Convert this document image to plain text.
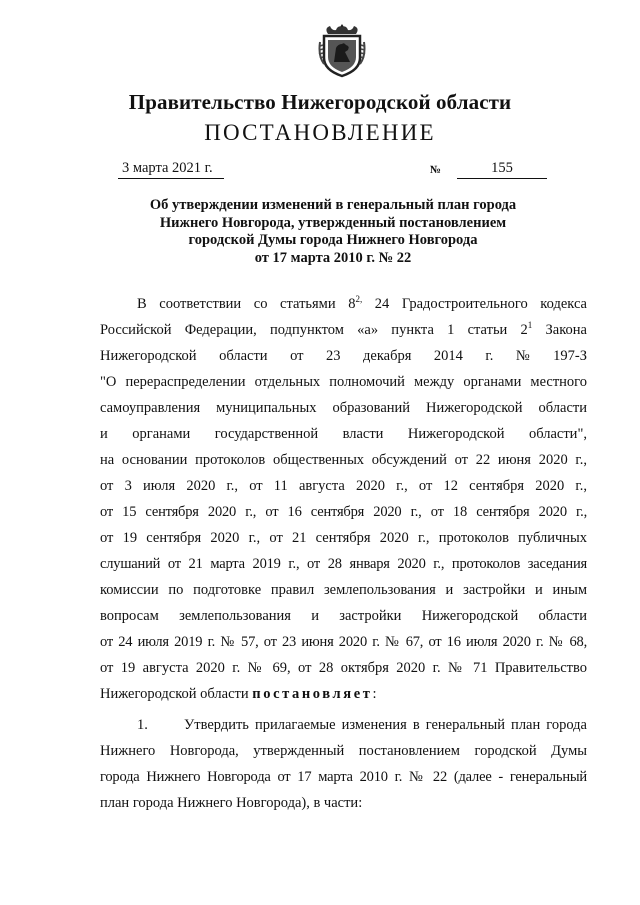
Правительство Нижегородской области
ПОСТАНОВЛЕНИЕ
3 марта 2021 г.	№	155
Об утверждении изменений в генеральный план города
Нижнего Новгорода, утвержденный постановлением
городской Думы города Нижнего Новгорода
от 17 марта 2010 г. № 22
В соответствии со статьями $8^{2,}$ 24 Градостроительного кодекса
Российской Федерации, подпунктом «а» пункта 1 статьи $2^1$ Закона
Нижегородской области от 23 декабря 2014 г. № 197-З
"О перераспределении отдельных полномочий между органами местного
самоуправления муниципальных образований Нижегородской области
и органами государственной власти Нижегородской области",
на основании протоколов общественных обсуждений от 22 июня 2020 г.,
от 3 июля 2020 г., от 11 августа 2020 г., от 12 сентября 2020 г.,
от 15 сентября 2020 г., от 16 сентября 2020 г., от 18 сентября 2020 г.,
от 19 сентября 2020 г., от 21 сентября 2020 г., протоколов публичных
слушаний от 21 марта 2019 г., от 28 января 2020 г., протоколов заседания
комиссии по подготовке правил землепользования и застройки и иным
вопросам землепользования и застройки Нижегородской области
от 24 июля 2019 г. № 57, от 23 июня 2020 г. № 67, от 16 июля 2020 г. № 68,
от 19 августа 2020 г. № 69, от 28 октября 2020 г. № 71 Правительство
Нижегородской области постановляет:
1.      Утвердить прилагаемые изменения в генеральный план города
Нижнего Новгорода, утвержденный постановлением городской Думы
города Нижнего Новгорода от 17 марта 2010 г. № 22 (далее - генеральный
план города Нижнего Новгорода), в части:
